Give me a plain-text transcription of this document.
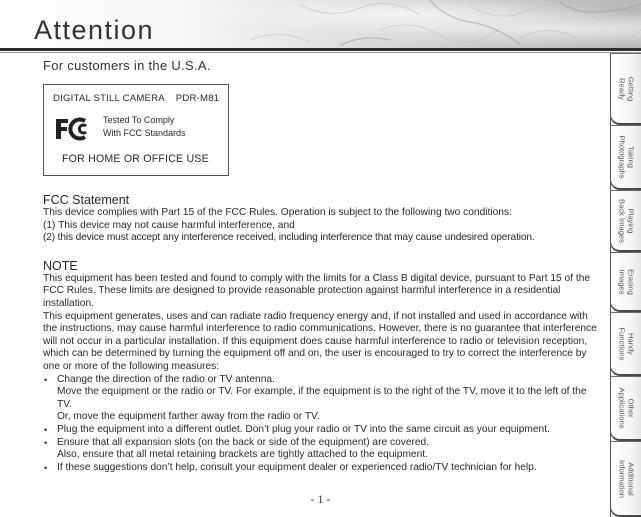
Attention
For customers in the U.S.A.
DIGITAL STILL CAMERA    PDR-M81
Tested To Comply
With FCC Standards
FOR HOME OR OFFICE USE
FCC Statement

This device complies with Part 15 of the FCC Rules. Operation is subject to the following two conditions:

(1) This device may not cause harmful interference, and

(2) this device must accept any interference received, including interference that may cause undesired operation.

NOTE

This equipment has been tested and found to comply with the limits for a Class B digital device, pursuant to Part 15 of the FCC Rules. These limits are designed to provide reasonable protection against harmful interference in a residential installation.

This equipment generates, uses and can radiate radio frequency energy and, if not installed and used in accordance with the instructions, may cause harmful interference to radio communications. However, there is no guarantee that interference will not occur in a particular installation. If this equipment does cause harmful interference to radio or television reception, which can be determined by turning the equipment off and on, the user is encouraged to try to correct the interference by one or more of the following measures:

• Change the direction of the radio or TV antenna.
Move the equipment or the radio or TV. For example, if the equipment is to the right of the TV, move it to the left of the TV.
Or, move the equipment farther away from the radio or TV.
• Plug the equipment into a different outlet. Don’t plug your radio or TV into the same circuit as your equipment.
• Ensure that all expansion slots (on the back or side of the equipment) are covered.
Also, ensure that all metal retaining brackets are tightly attached to the equipment.
• If these suggestions don’t help, consult your equipment dealer or experienced radio/TV technician for help.
- 1 -
Getting
Ready
Taking
Photographs
Playing
Back Images
Erasing
Images
Handy
Functions
Other
Applications
Additional
Information
